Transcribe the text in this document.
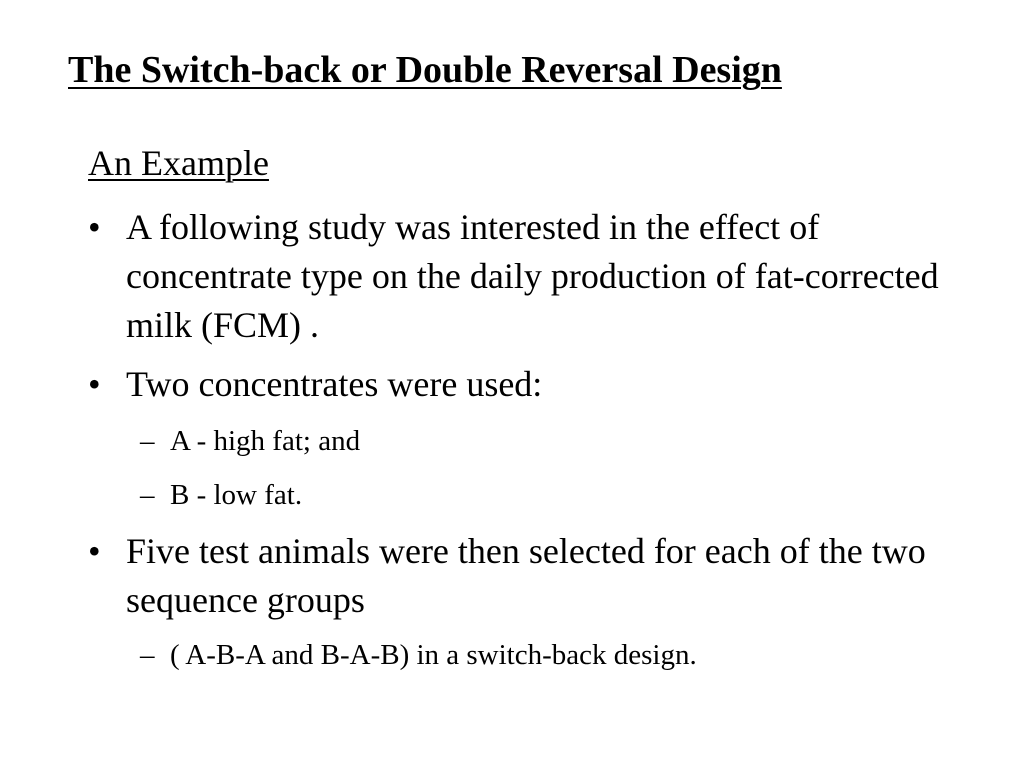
The Switch-back or Double Reversal Design
An Example
• A following study was interested in the effect of concentrate type on the daily production of fat-corrected milk (FCM) .
• Two concentrates were used:
– A - high fat; and
– B - low fat.
• Five test animals were then selected for each of the two sequence groups
– ( A-B-A and B-A-B) in a switch-back design.
